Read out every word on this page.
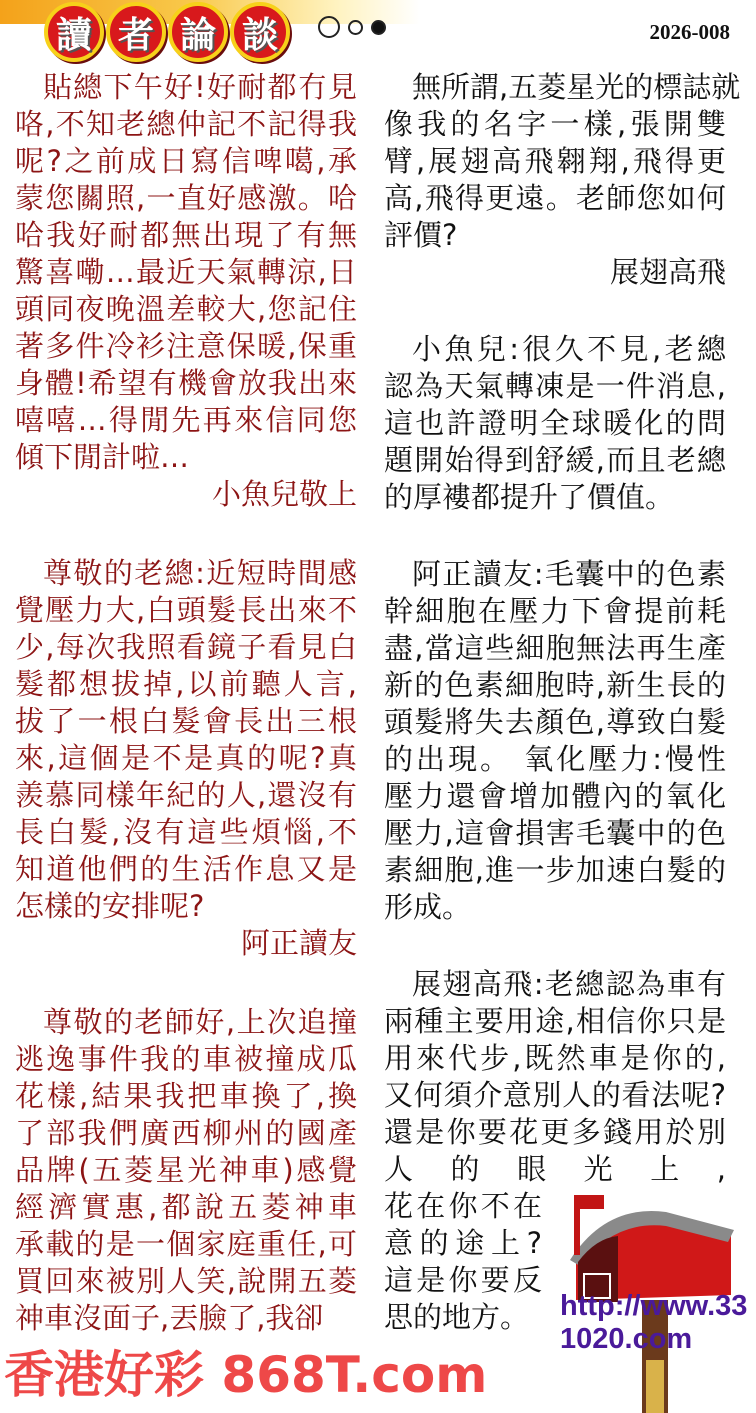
讀 者 論 談	2026-008
貼總下午好!好耐都冇見
咯,不知老總仲記不記得我
呢?之前成日寫信啤噶,承
蒙您關照,一直好感激。哈
哈我好耐都無出現了有無
驚喜嘞…最近天氣轉涼,日
頭同夜晚溫差較大,您記住
著多件冷衫注意保暖,保重
身體!希望有機會放我出來
嘻嘻…得閒先再來信同您
傾下閒計啦…
小魚兒敬上
尊敬的老總:近短時間感
覺壓力大,白頭髮長出來不
少,每次我照看鏡子看見白
髮都想拔掉,以前聽人言,
拔了一根白髮會長出三根
來,這個是不是真的呢?真
羨慕同樣年紀的人,還沒有
長白髮,沒有這些煩惱,不
知道他們的生活作息又是
怎樣的安排呢?
阿正讀友
尊敬的老師好,上次追撞
逃逸事件我的車被撞成瓜
花樣,結果我把車換了,換
了部我們廣西柳州的國產
品牌(五菱星光神車)感覺
經濟實惠,都說五菱神車
承載的是一個家庭重任,可
買回來被別人笑,說開五菱
神車沒面子,丟臉了,我卻
無所謂,五菱星光的標誌就
像我的名字一樣,張開雙
臂,展翅高飛翱翔,飛得更
高,飛得更遠。老師您如何
評價?
展翅高飛
小魚兒:很久不見,老總
認為天氣轉凍是一件消息,
這也許證明全球暖化的問
題開始得到舒緩,而且老總
的厚褸都提升了價值。
阿正讀友:毛囊中的色素
幹細胞在壓力下會提前耗
盡,當這些細胞無法再生產
新的色素細胞時,新生長的
頭髮將失去顏色,導致白髮
的出現。 氧化壓力:慢性
壓力還會增加體內的氧化
壓力,這會損害毛囊中的色
素細胞,進一步加速白髮的
形成。
展翅高飛:老總認為車有
兩種主要用途,相信你只是
用來代步,既然車是你的,
又何須介意別人的看法呢?
還是你要花更多錢用於別
人的眼光上,
花在你不在
意的途上?
這是你要反
思的地方。
香港好彩 868T.com
http://www.331020.com
